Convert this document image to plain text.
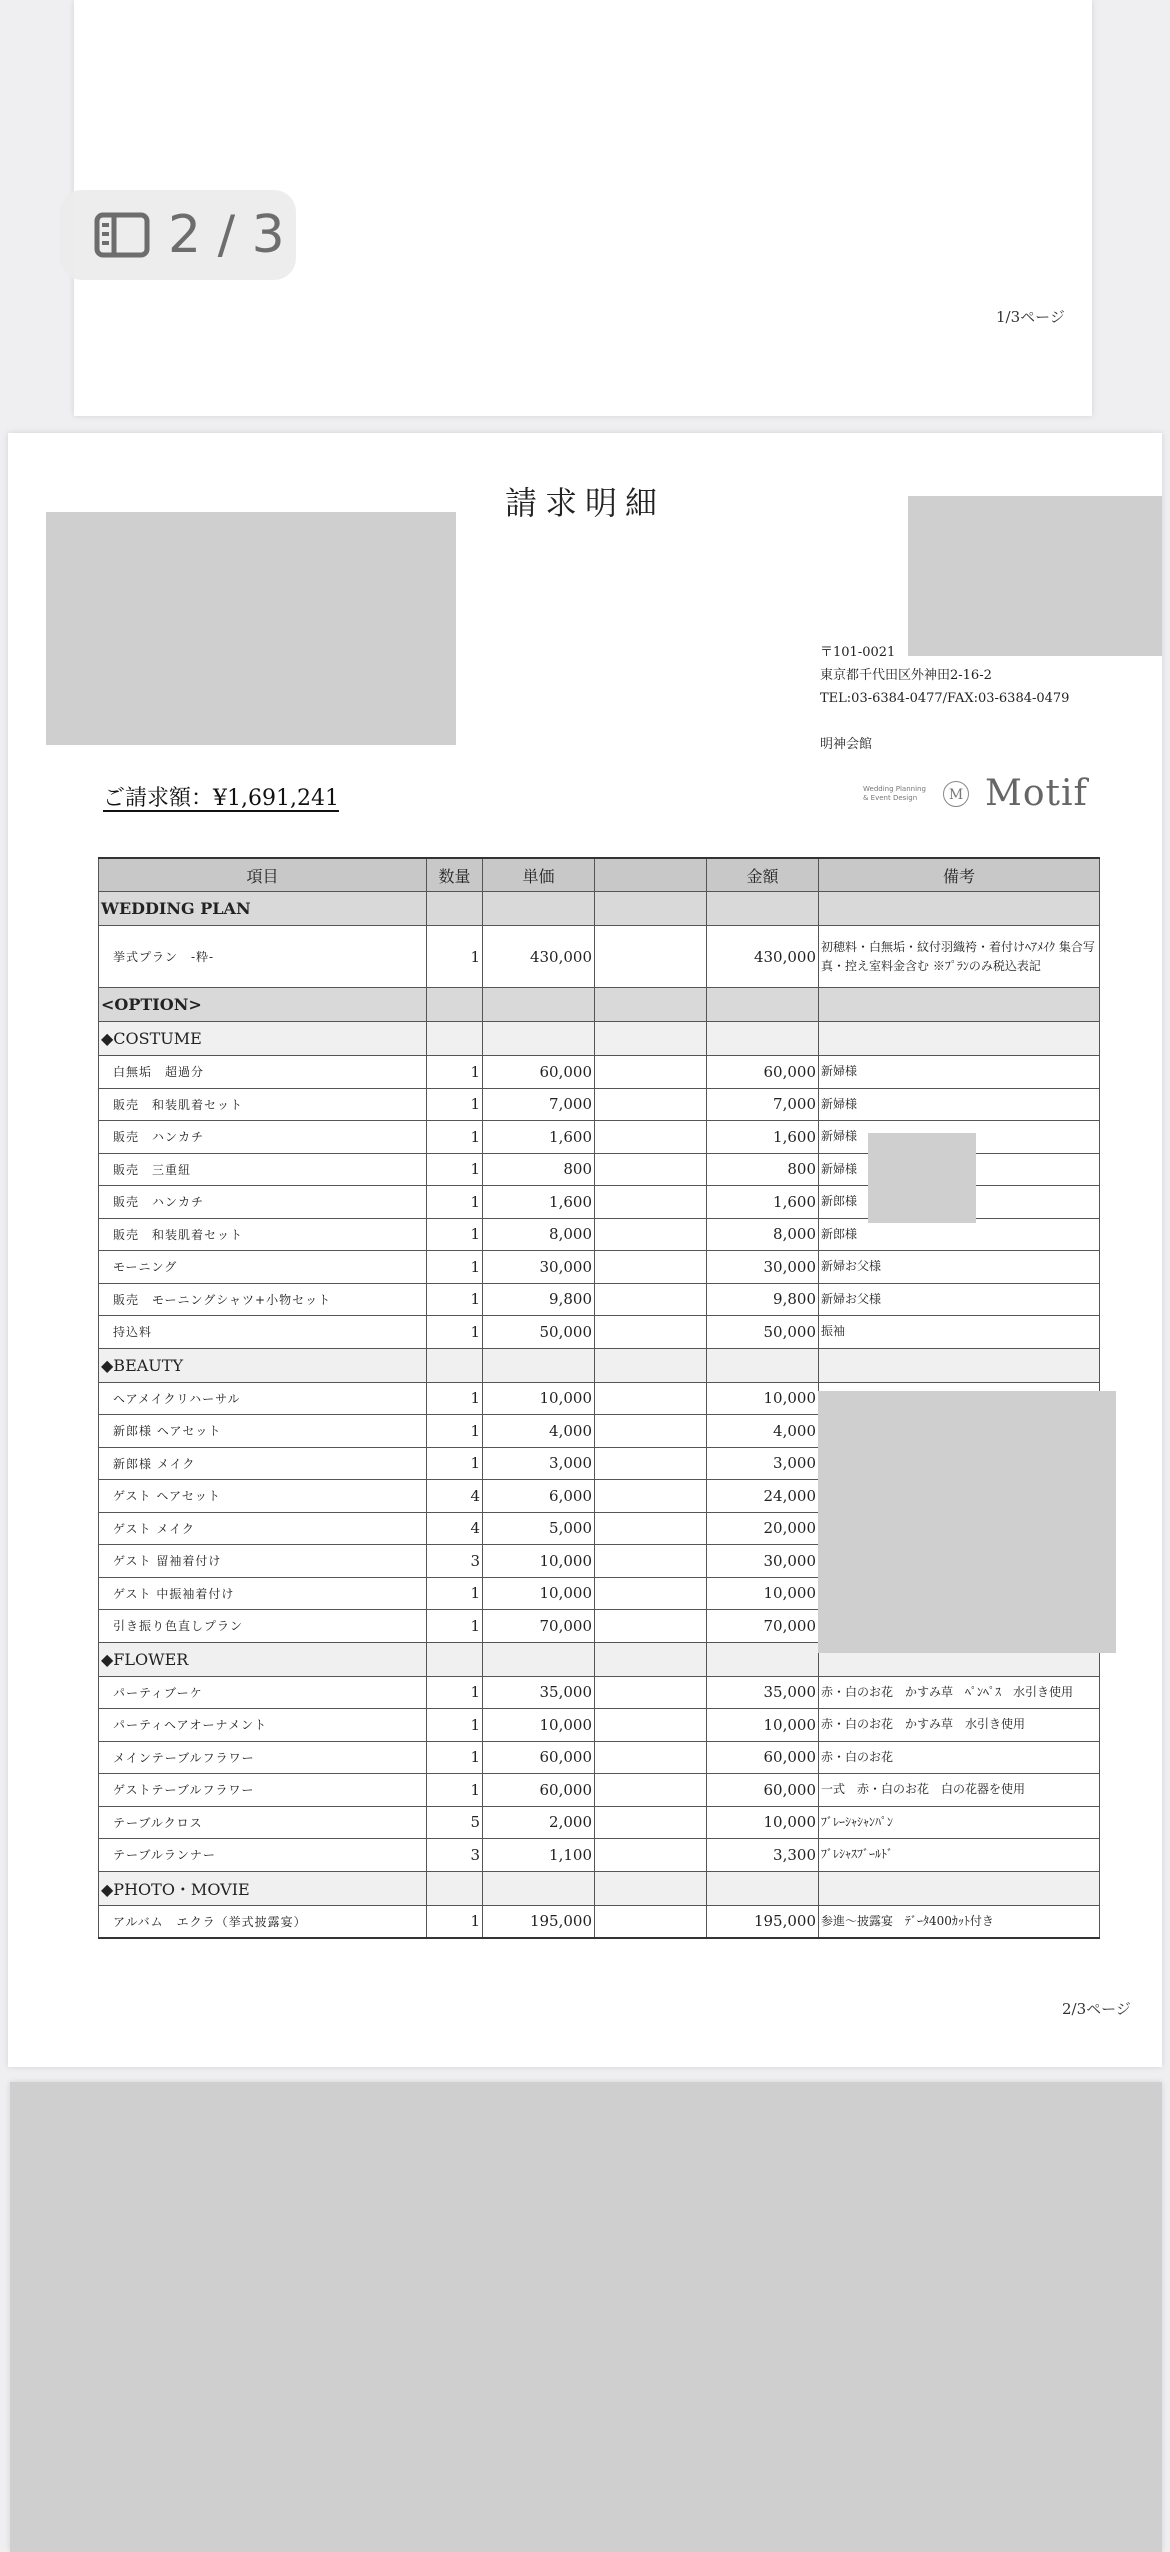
1/3ページ
2 / 3
請求明細
〒101-0021
東京都千代田区外神田2-16-2
TEL:03-6384-0477/FAX:03-6384-0479
明神会館
ご請求額：¥1,691,241	Wedding Planning
& Event Design	M Motif
項目	数量	単価		金額	備考
WEDDING PLAN					
挙式プラン　-粋-	1	430,000		430,000	初穂料・白無垢・紋付羽織袴・着付けﾍｱﾒｲｸ 集合写真・控え室料金含む ※ﾌﾟﾗﾝのみ税込表記
<OPTION>					
◆COSTUME					
白無垢　超過分	1	60,000		60,000	新婦様
販売　和装肌着セット	1	7,000		7,000	新婦様
販売　ハンカチ	1	1,600		1,600	新婦様
販売　三重紐	1	800		800	新婦様
販売　ハンカチ	1	1,600		1,600	新郎様
販売　和装肌着セット	1	8,000		8,000	新郎様
モーニング	1	30,000		30,000	新婦お父様
販売　モーニングシャツ+小物セット	1	9,800		9,800	新婦お父様
持込料	1	50,000		50,000	振袖
◆BEAUTY					
ヘアメイクリハーサル	1	10,000		10,000	
新郎様 ヘアセット	1	4,000		4,000	
新郎様 メイク	1	3,000		3,000	
ゲスト ヘアセット	4	6,000		24,000	
ゲスト メイク	4	5,000		20,000	
ゲスト 留袖着付け	3	10,000		30,000	
ゲスト 中振袖着付け	1	10,000		10,000	
引き振り色直しプラン	1	70,000		70,000	
◆FLOWER					
パーティブーケ	1	35,000		35,000	赤・白のお花　かすみ草　ﾍﾟﾝﾍﾟｽ　水引き使用
パーティヘアオーナメント	1	10,000		10,000	赤・白のお花　かすみ草　水引き使用
メインテーブルフラワー	1	60,000		60,000	赤・白のお花
ゲストテーブルフラワー	1	60,000		60,000	一式　赤・白のお花　白の花器を使用
テーブルクロス	5	2,000		10,000	ﾌﾞﾚｰｼｬｼｬﾝﾊﾟﾝ
テーブルランナー	3	1,100		3,300	ﾌﾞﾚｼｬｽﾌﾞｰﾙﾄﾞ
◆PHOTO・MOVIE					
アルバム　エクラ（挙式披露宴）	1	195,000		195,000	参進～披露宴　ﾃﾞｰﾀ400ｶｯﾄ付き
2/3ページ
